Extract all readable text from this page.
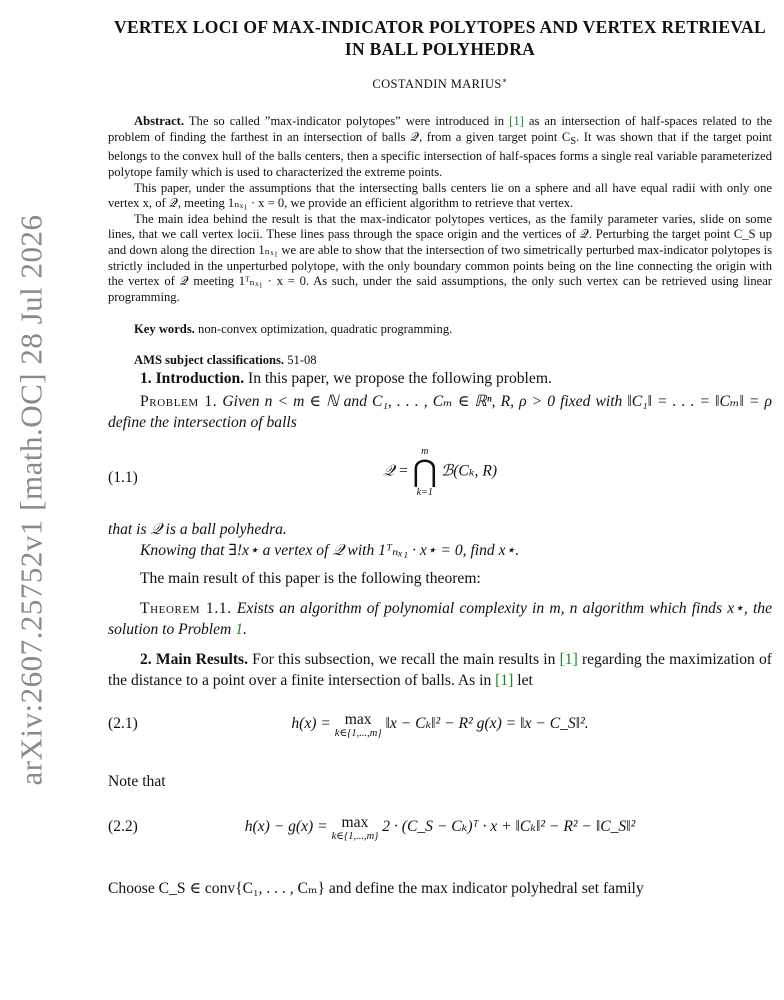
arXiv:2607.25752v1 [math.OC] 28 Jul 2026
VERTEX LOCI OF MAX-INDICATOR POLYTOPES AND VERTEX RETRIEVAL IN BALL POLYHEDRA
COSTANDIN MARIUS∗

Abstract. The so called ”max-indicator polytopes” were introduced in [1] as an intersection of half-spaces related to the problem of finding the farthest in an intersection of balls 𝒬, from a given target point $C_S$. It was shown that if the target point belongs to the convex hull of the balls centers, then a specific intersection of half-spaces forms a single real variable parameterized polytope family which is used to characterized the extreme points.

This paper, under the assumptions that the intersecting balls centers lie on a sphere and all have equal radii with only one vertex x, of 𝒬, meeting 1ₙₓ₁ · x = 0, we provide an efficient algorithm to retrieve that vertex.

The main idea behind the result is that the max-indicator polytopes vertices, as the family parameter varies, slide on some lines, that we call vertex locii. These lines pass through the space origin and the vertices of 𝒬. Perturbing the target point C_S up and down along the direction 1ₙₓ₁ we are able to show that the intersection of two simetrically perturbed max-indicator polytopes is strictly included in the unperturbed polytope, with the only boundary common points being on the line connecting the origin with the vertex of 𝒬 meeting 1ᵀₙₓ₁ · x = 0. As such, under the said assumptions, the only such vertex can be retrieved using linear programming.

Key words. non-convex optimization, quadratic programming.
AMS subject classifications. 51-08

1. Introduction. In this paper, we propose the following problem.

Problem 1. Given n < m ∈ ℕ and C₁, . . . , Cₘ ∈ ℝⁿ, R, ρ > 0 fixed with ‖C₁‖ = . . . = ‖Cₘ‖ = ρ define the intersection of balls

(1.1)	𝒬 =
m
⋂
k=1
ℬ(Cₖ, R)

that is 𝒬 is a ball polyhedra.

Knowing that ∃!x⋆ a vertex of 𝒬 with 1ᵀₙₓ₁ · x⋆ = 0, find x⋆.

The main result of this paper is the following theorem:

Theorem 1.1. Exists an algorithm of polynomial complexity in m, n algorithm which finds x⋆, the solution to Problem 1.

2. Main Results. For this subsection, we recall the main results in [1] regarding the maximization of the distance to a point over a finite intersection of balls. As in [1] let

(2.1)	h(x) = max
k∈{1,...,m}
‖x − Cₖ‖² − R² g(x) = ‖x − C_S‖².

Note that

(2.2)	h(x) − g(x) = max
k∈{1,...,m}
2 · (C_S − Cₖ)ᵀ · x + ‖Cₖ‖² − R² − ‖C_S‖²

Choose C_S ∈ conv{C₁, . . . , Cₘ} and define the max indicator polyhedral set family
